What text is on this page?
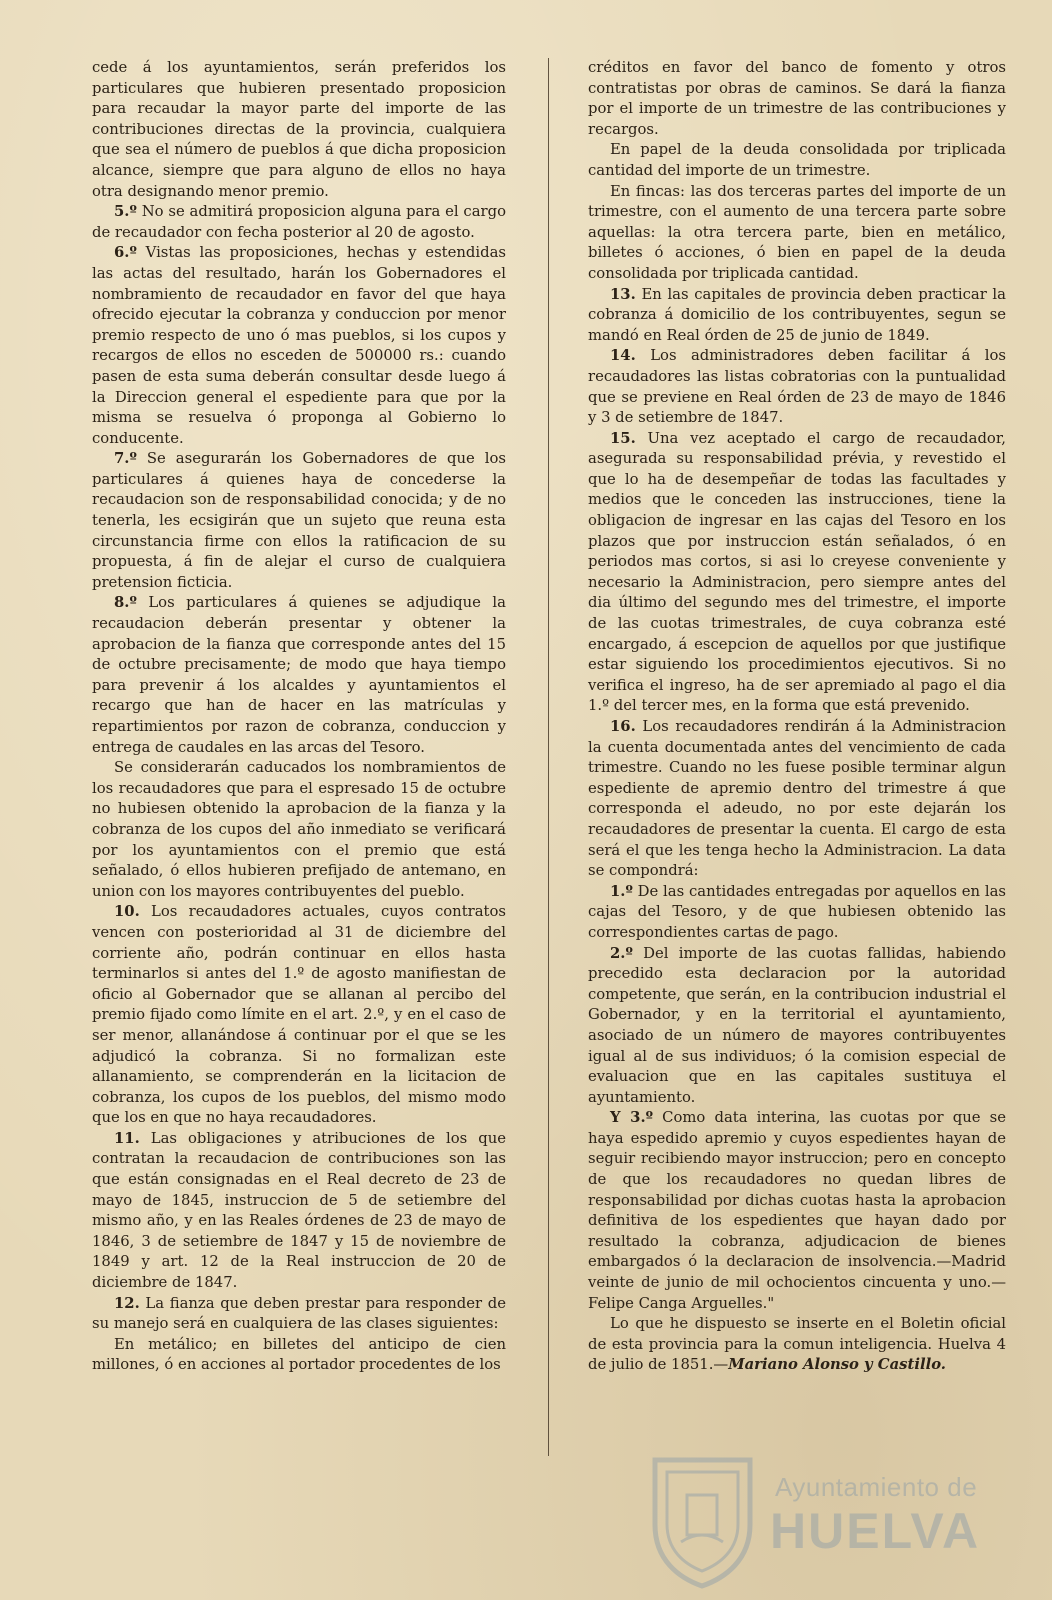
cede á los ayuntamientos, serán preferidos los particulares que hubieren presentado proposicion para recaudar la mayor parte del importe de las contribuciones directas de la provincia, cualquiera que sea el número de pueblos á que dicha proposicion alcance, siempre que para alguno de ellos no haya otra designando menor premio.

5.º No se admitirá proposicion alguna para el cargo de recaudador con fecha posterior al 20 de agosto.

6.º Vistas las proposiciones, hechas y estendidas las actas del resultado, harán los Gobernadores el nombramiento de recaudador en favor del que haya ofrecido ejecutar la cobranza y conduccion por menor premio respecto de uno ó mas pueblos, si los cupos y recargos de ellos no esceden de 500000 rs.: cuando pasen de esta suma deberán consultar desde luego á la Direccion general el espediente para que por la misma se resuelva ó proponga al Gobierno lo conducente.

7.º Se asegurarán los Gobernadores de que los particulares á quienes haya de concederse la recaudacion son de responsabilidad conocida; y de no tenerla, les ecsigirán que un sujeto que reuna esta circunstancia firme con ellos la ratificacion de su propuesta, á fin de alejar el curso de cualquiera pretension ficticia.

8.º Los particulares á quienes se adjudique la recaudacion deberán presentar y obtener la aprobacion de la fianza que corresponde antes del 15 de octubre precisamente; de modo que haya tiempo para prevenir á los alcaldes y ayuntamientos el recargo que han de hacer en las matrículas y repartimientos por razon de cobranza, conduccion y entrega de caudales en las arcas del Tesoro.

Se considerarán caducados los nombramientos de los recaudadores que para el espresado 15 de octubre no hubiesen obtenido la aprobacion de la fianza y la cobranza de los cupos del año inmediato se verificará por los ayuntamientos con el premio que está señalado, ó ellos hubieren prefijado de antemano, en union con los mayores contribuyentes del pueblo.

10. Los recaudadores actuales, cuyos contratos vencen con posterioridad al 31 de diciembre del corriente año, podrán continuar en ellos hasta terminarlos si antes del 1.º de agosto manifiestan de oficio al Gobernador que se allanan al percibo del premio fijado como límite en el art. 2.º, y en el caso de ser menor, allanándose á continuar por el que se les adjudicó la cobranza. Si no formalizan este allanamiento, se comprenderán en la licitacion de cobranza, los cupos de los pueblos, del mismo modo que los en que no haya recaudadores.

11. Las obligaciones y atribuciones de los que contratan la recaudacion de contribuciones son las que están consignadas en el Real decreto de 23 de mayo de 1845, instruccion de 5 de setiembre del mismo año, y en las Reales órdenes de 23 de mayo de 1846, 3 de setiembre de 1847 y 15 de noviembre de 1849 y art. 12 de la Real instruccion de 20 de diciembre de 1847.

12. La fianza que deben prestar para responder de su manejo será en cualquiera de las clases siguientes:

En metálico; en billetes del anticipo de cien millones, ó en acciones al portador procedentes de los

créditos en favor del banco de fomento y otros contratistas por obras de caminos. Se dará la fianza por el importe de un trimestre de las contribuciones y recargos.

En papel de la deuda consolidada por triplicada cantidad del importe de un trimestre.

En fincas: las dos terceras partes del importe de un trimestre, con el aumento de una tercera parte sobre aquellas: la otra tercera parte, bien en metálico, billetes ó acciones, ó bien en papel de la deuda consolidada por triplicada cantidad.

13. En las capitales de provincia deben practicar la cobranza á domicilio de los contribuyentes, segun se mandó en Real órden de 25 de junio de 1849.

14. Los administradores deben facilitar á los recaudadores las listas cobratorias con la puntualidad que se previene en Real órden de 23 de mayo de 1846 y 3 de setiembre de 1847.

15. Una vez aceptado el cargo de recaudador, asegurada su responsabilidad prévia, y revestido el que lo ha de desempeñar de todas las facultades y medios que le conceden las instrucciones, tiene la obligacion de ingresar en las cajas del Tesoro en los plazos que por instruccion están señalados, ó en periodos mas cortos, si asi lo creyese conveniente y necesario la Administracion, pero siempre antes del dia último del segundo mes del trimestre, el importe de las cuotas trimestrales, de cuya cobranza esté encargado, á escepcion de aquellos por que justifique estar siguiendo los procedimientos ejecutivos. Si no verifica el ingreso, ha de ser apremiado al pago el dia 1.º del tercer mes, en la forma que está prevenido.

16. Los recaudadores rendirán á la Administracion la cuenta documentada antes del vencimiento de cada trimestre. Cuando no les fuese posible terminar algun espediente de apremio dentro del trimestre á que corresponda el adeudo, no por este dejarán los recaudadores de presentar la cuenta. El cargo de esta será el que les tenga hecho la Administracion. La data se compondrá:

1.º De las cantidades entregadas por aquellos en las cajas del Tesoro, y de que hubiesen obtenido las correspondientes cartas de pago.

2.º Del importe de las cuotas fallidas, habiendo precedido esta declaracion por la autoridad competente, que serán, en la contribucion industrial el Gobernador, y en la territorial el ayuntamiento, asociado de un número de mayores contribuyentes igual al de sus individuos; ó la comision especial de evaluacion que en las capitales sustituya el ayuntamiento.

Y 3.º Como data interina, las cuotas por que se haya espedido apremio y cuyos espedientes hayan de seguir recibiendo mayor instruccion; pero en concepto de que los recaudadores no quedan libres de responsabilidad por dichas cuotas hasta la aprobacion definitiva de los espedientes que hayan dado por resultado la cobranza, adjudicacion de bienes embargados ó la declaracion de insolvencia.—Madrid veinte de junio de mil ochocientos cincuenta y uno.—Felipe Canga Arguelles."

Lo que he dispuesto se inserte en el Boletin oficial de esta provincia para la comun inteligencia. Huelva 4 de julio de 1851.—Mariano Alonso y Castillo.

Ayuntamiento de
HUELVA
